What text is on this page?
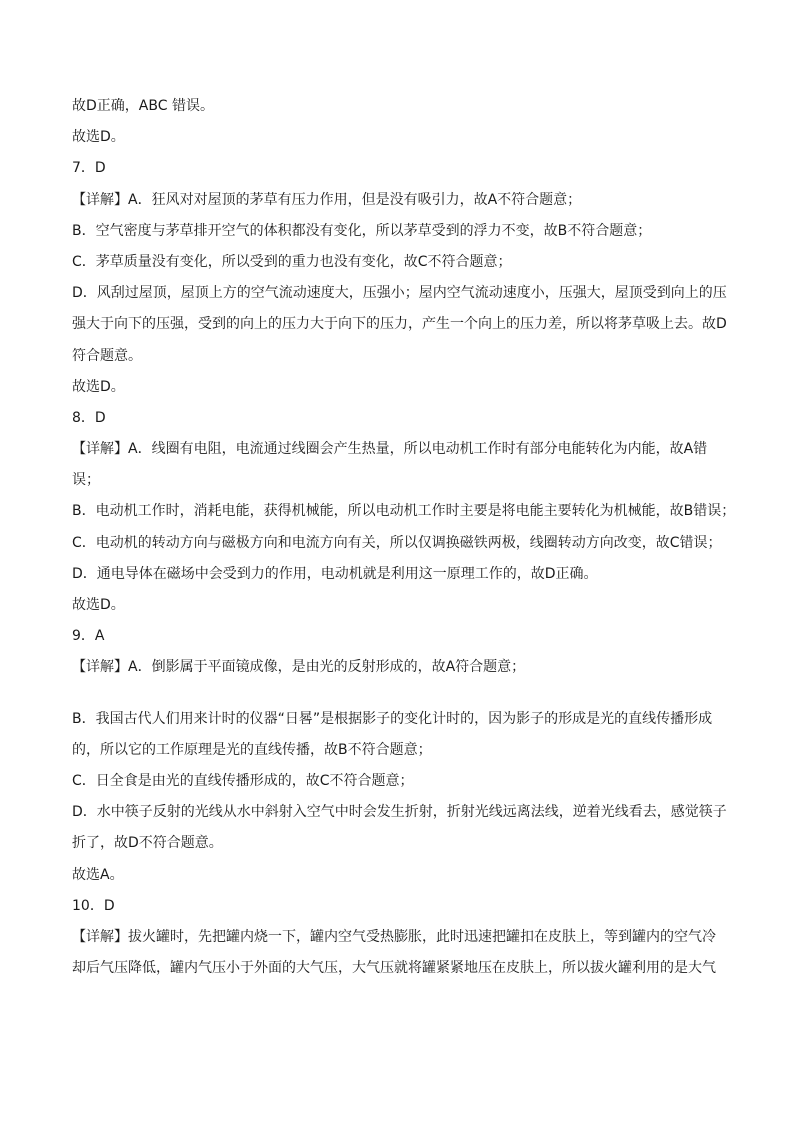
故D正确，ABC 错误。
故选D。
7．D
【详解】A．狂风对对屋顶的茅草有压力作用，但是没有吸引力，故A不符合题意；
B．空气密度与茅草排开空气的体积都没有变化，所以茅草受到的浮力不变，故B不符合题意；
C．茅草质量没有变化，所以受到的重力也没有变化，故C不符合题意；
D．风刮过屋顶，屋顶上方的空气流动速度大，压强小；屋内空气流动速度小，压强大，屋顶受到向上的压
强大于向下的压强，受到的向上的压力大于向下的压力，产生一个向上的压力差，所以将茅草吸上去。故D
符合题意。
故选D。
8．D
【详解】A．线圈有电阻，电流通过线圈会产生热量，所以电动机工作时有部分电能转化为内能，故A错
误；
B．电动机工作时，消耗电能，获得机械能，所以电动机工作时主要是将电能主要转化为机械能，故B错误；
C．电动机的转动方向与磁极方向和电流方向有关，所以仅调换磁铁两极，线圈转动方向改变，故C错误；
D．通电导体在磁场中会受到力的作用，电动机就是利用这一原理工作的，故D正确。
故选D。
9．A
【详解】A．倒影属于平面镜成像，是由光的反射形成的，故A符合题意；
B．我国古代人们用来计时的仪器“日晷”是根据影子的变化计时的，因为影子的形成是光的直线传播形成
的，所以它的工作原理是光的直线传播，故B不符合题意；
C．日全食是由光的直线传播形成的，故C不符合题意；
D．水中筷子反射的光线从水中斜射入空气中时会发生折射，折射光线远离法线，逆着光线看去，感觉筷子
折了，故D不符合题意。
故选A。
10．D
【详解】拔火罐时，先把罐内烧一下，罐内空气受热膨胀，此时迅速把罐扣在皮肤上，等到罐内的空气冷
却后气压降低，罐内气压小于外面的大气压，大气压就将罐紧紧地压在皮肤上，所以拔火罐利用的是大气
